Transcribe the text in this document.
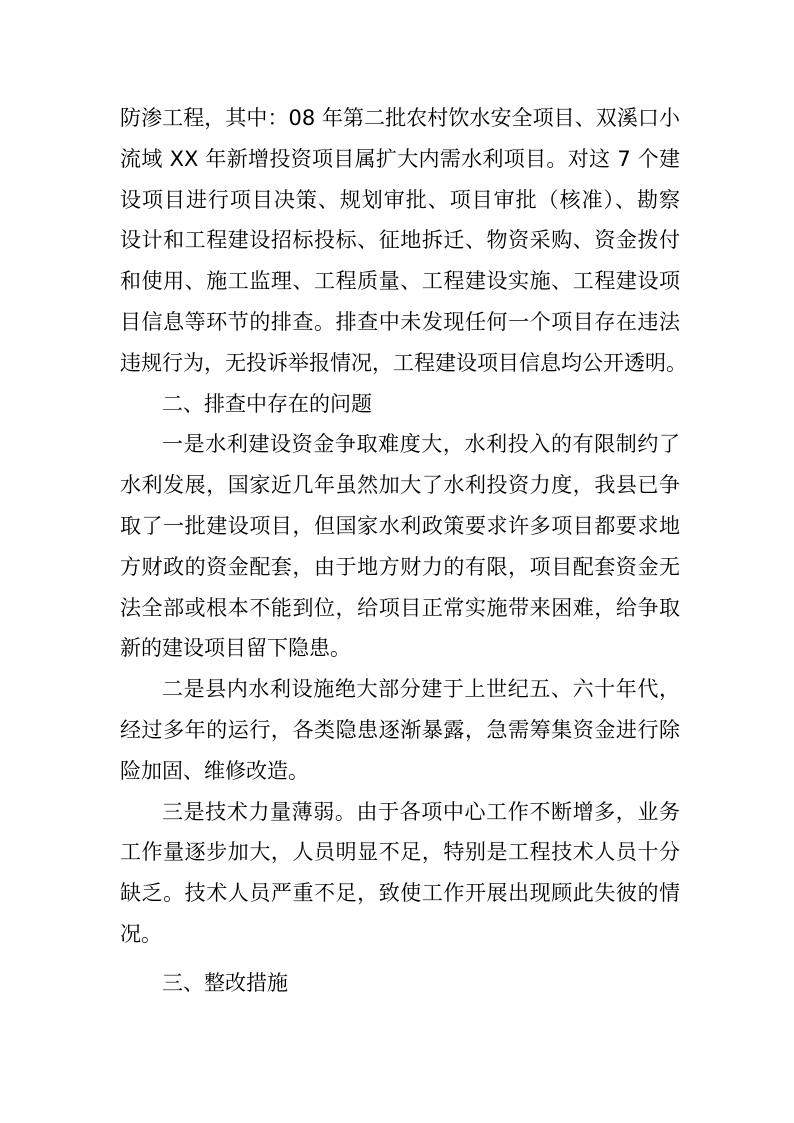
防渗工程，其中：08 年第二批农村饮水安全项目、双溪口小
流域 XX 年新增投资项目属扩大内需水利项目。对这 7 个建
设项目进行项目决策、规划审批、项目审批（核准）、勘察
设计和工程建设招标投标、征地拆迁、物资采购、资金拨付
和使用、施工监理、工程质量、工程建设实施、工程建设项
目信息等环节的排查。排查中未发现任何一个项目存在违法
违规行为，无投诉举报情况，工程建设项目信息均公开透明。
二、排查中存在的问题
一是水利建设资金争取难度大，水利投入的有限制约了
水利发展，国家近几年虽然加大了水利投资力度，我县已争
取了一批建设项目，但国家水利政策要求许多项目都要求地
方财政的资金配套，由于地方财力的有限，项目配套资金无
法全部或根本不能到位，给项目正常实施带来困难，给争取
新的建设项目留下隐患。
二是县内水利设施绝大部分建于上世纪五、六十年代，
经过多年的运行，各类隐患逐渐暴露，急需筹集资金进行除
险加固、维修改造。
三是技术力量薄弱。由于各项中心工作不断增多，业务
工作量逐步加大，人员明显不足，特别是工程技术人员十分
缺乏。技术人员严重不足，致使工作开展出现顾此失彼的情
况。
三、整改措施
